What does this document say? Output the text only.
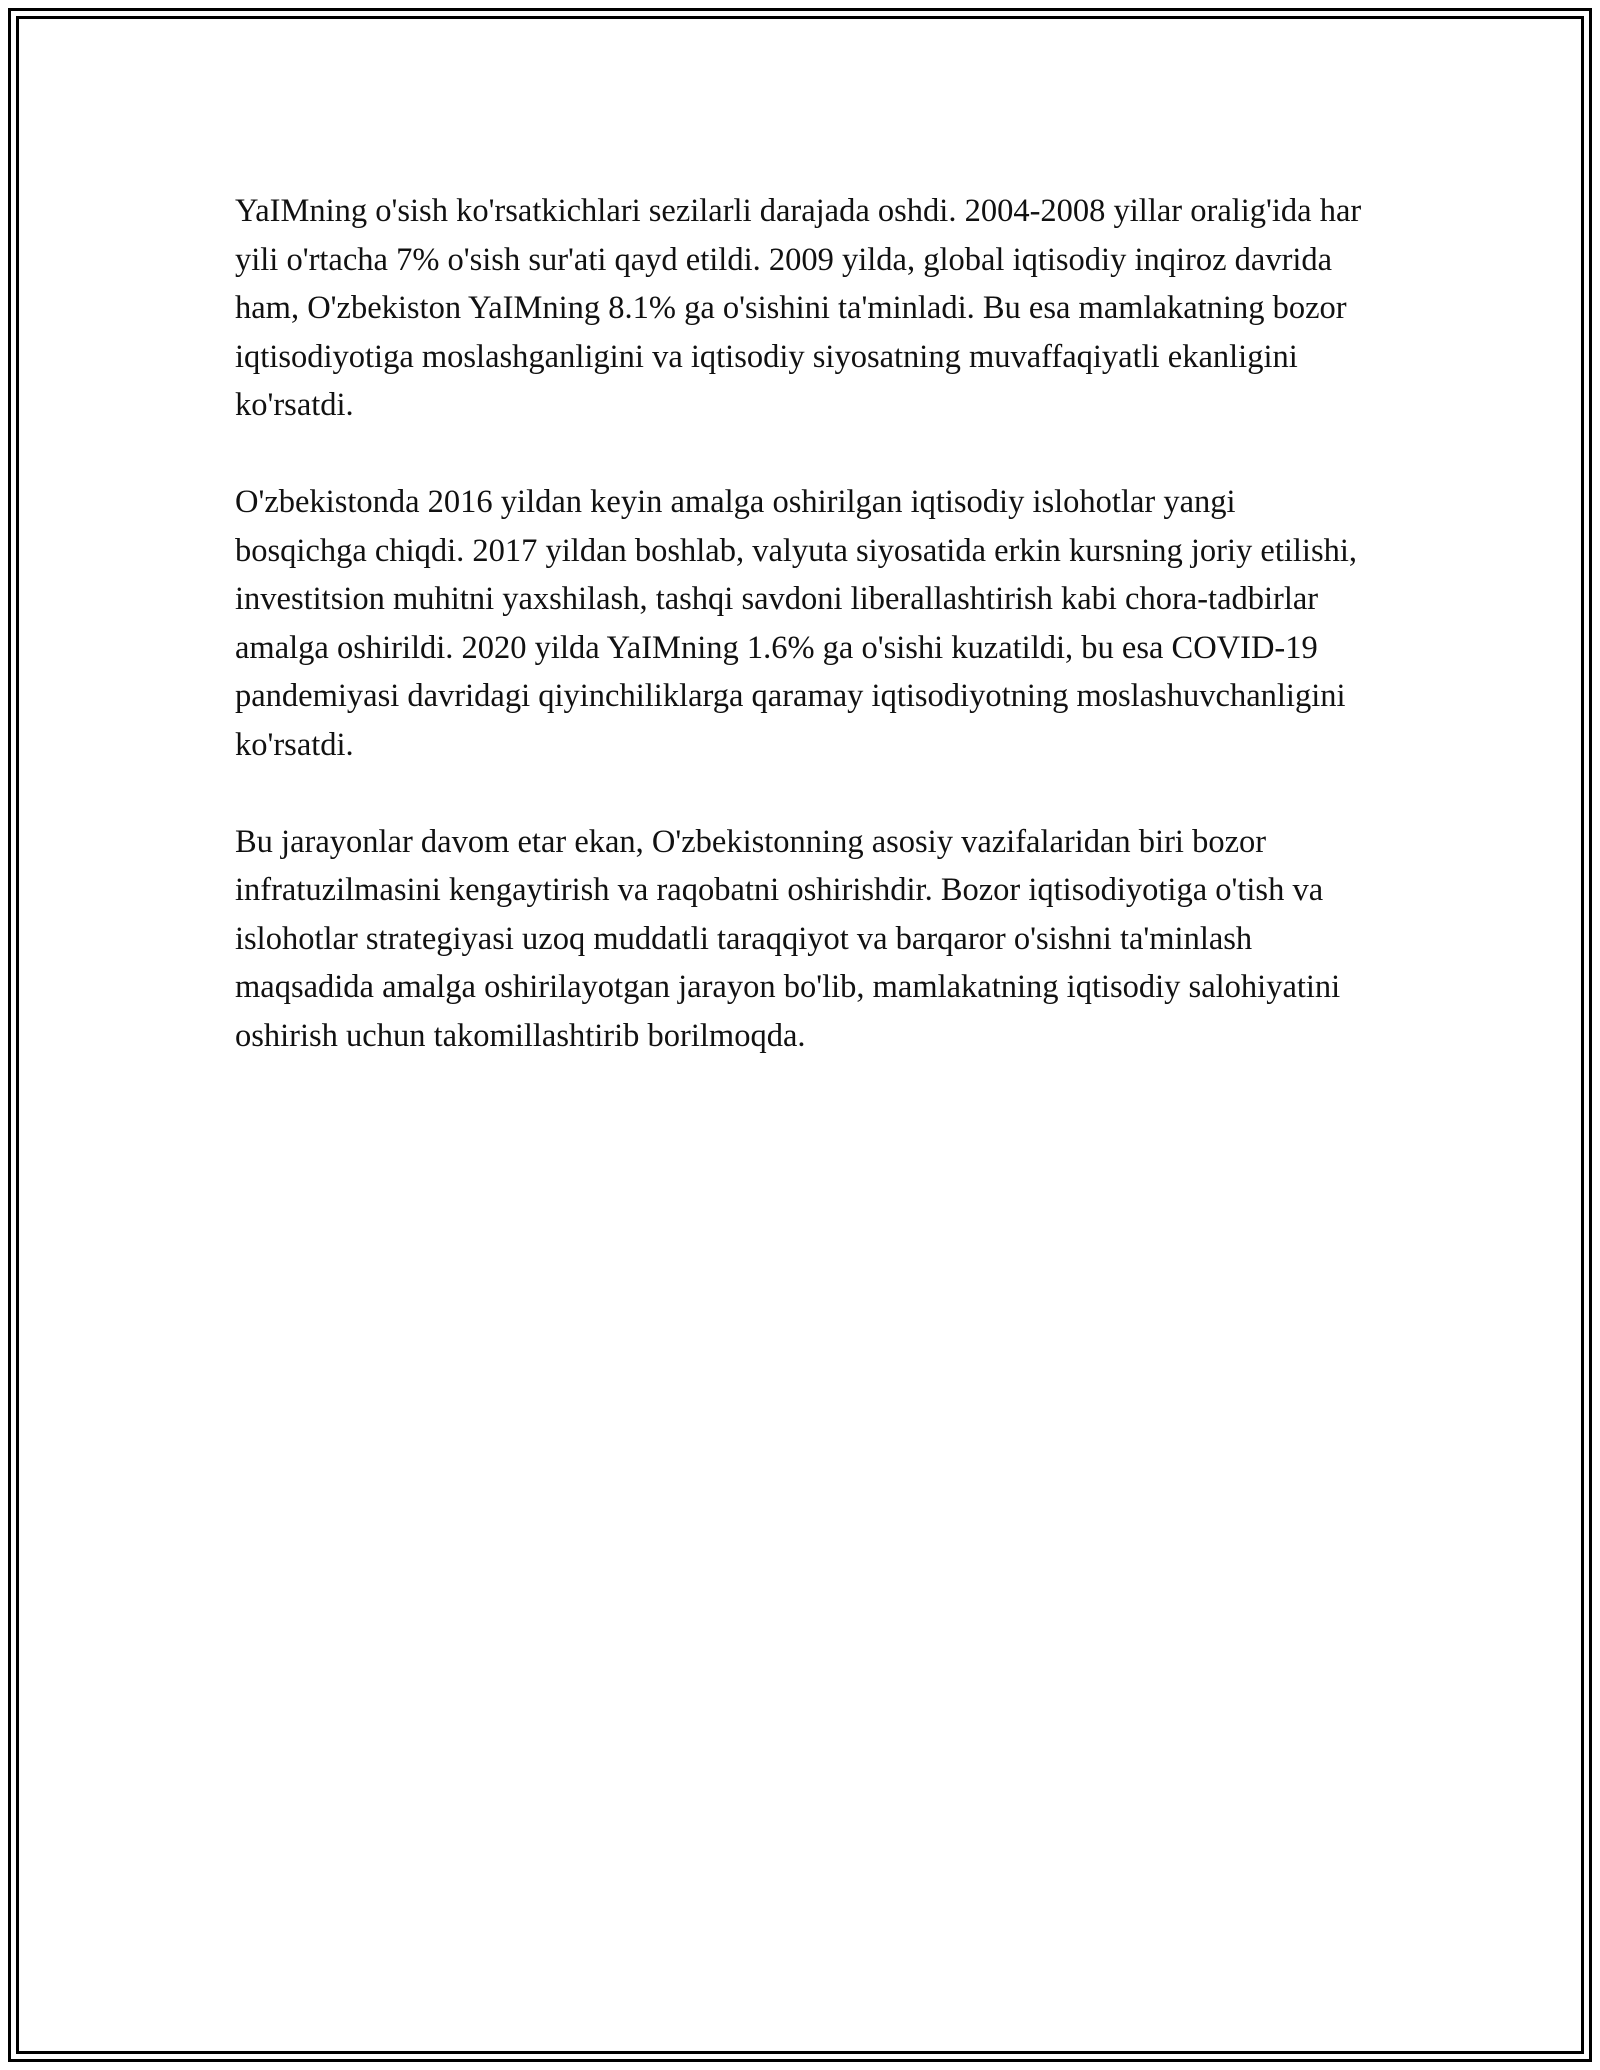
YaIMning o'sish ko'rsatkichlari sezilarli darajada oshdi. 2004-2008 yillar oralig'ida har yili o'rtacha 7% o'sish sur'ati qayd etildi. 2009 yilda, global iqtisodiy inqiroz davrida ham, O'zbekiston YaIMning 8.1% ga o'sishini ta'minladi. Bu esa mamlakatning bozor iqtisodiyotiga moslashganligini va iqtisodiy siyosatning muvaffaqiyatli ekanligini ko'rsatdi.

O'zbekistonda 2016 yildan keyin amalga oshirilgan iqtisodiy islohotlar yangi bosqichga chiqdi. 2017 yildan boshlab, valyuta siyosatida erkin kursning joriy etilishi, investitsion muhitni yaxshilash, tashqi savdoni liberallashtirish kabi chora-tadbirlar amalga oshirildi. 2020 yilda YaIMning 1.6% ga o'sishi kuzatildi, bu esa COVID-19 pandemiyasi davridagi qiyinchiliklarga qaramay iqtisodiyotning moslashuvchanligini ko'rsatdi.

Bu jarayonlar davom etar ekan, O'zbekistonning asosiy vazifalaridan biri bozor infratuzilmasini kengaytirish va raqobatni oshirishdir. Bozor iqtisodiyotiga o'tish va islohotlar strategiyasi uzoq muddatli taraqqiyot va barqaror o'sishni ta'minlash maqsadida amalga oshirilayotgan jarayon bo'lib, mamlakatning iqtisodiy salohiyatini oshirish uchun takomillashtirib borilmoqda.
